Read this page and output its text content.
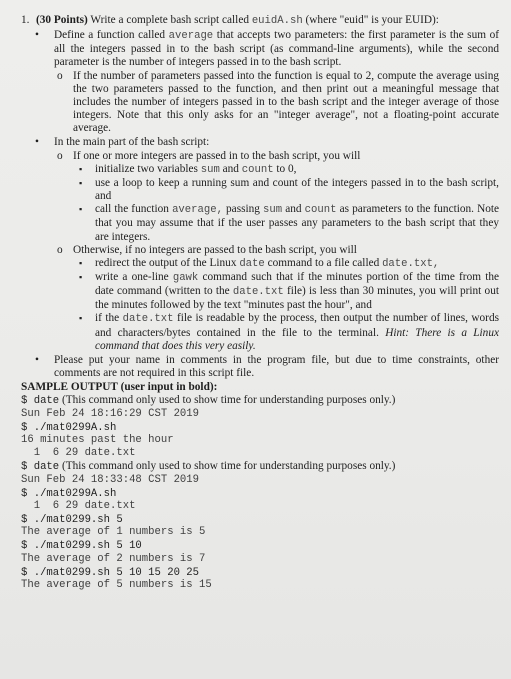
1. (30 Points) Write a complete bash script called euidA.sh (where "euid" is your EUID):
•	Define a function called average that accepts two parameters: the first parameter is the sum of all the integers passed in to the bash script (as command-line arguments), while the second parameter is the number of integers passed in to the bash script.
o If the number of parameters passed into the function is equal to 2, compute the average using the two parameters passed to the function, and then print out a meaningful message that includes the number of integers passed in to the bash script and the integer average of those integers. Note that this only asks for an "integer average", not a floating-point accurate average.
•	In the main part of the bash script:
o If one or more integers are passed in to the bash script, you will
▪	initialize two variables sum and count to 0,
▪	use a loop to keep a running sum and count of the integers passed in to the bash script, and
▪	call the function average, passing sum and count as parameters to the function. Note that you may assume that if the user passes any parameters to the bash script that they are integers.
o Otherwise, if no integers are passed to the bash script, you will
▪	redirect the output of the Linux date command to a file called date.txt,
▪	write a one-line gawk command such that if the minutes portion of the time from the date command (written to the date.txt file) is less than 30 minutes, you will print out the minutes followed by the text "minutes past the hour", and
▪	if the date.txt file is readable by the process, then output the number of lines, words and characters/bytes contained in the file to the terminal. Hint: There is a Linux command that does this very easily.
•	Please put your name in comments in the program file, but due to time constraints, other comments are not required in this script file.
SAMPLE OUTPUT (user input in bold):
$ date (This command only used to show time for understanding purposes only.)
Sun Feb 24 18:16:29 CST 2019
$ ./mat0299A.sh
16 minutes past the hour
1  6 29 date.txt
$ date (This command only used to show time for understanding purposes only.)
Sun Feb 24 18:33:48 CST 2019
$ ./mat0299A.sh
1  6 29 date.txt
$ ./mat0299.sh 5
The average of 1 numbers is 5
$ ./mat0299.sh 5 10
The average of 2 numbers is 7
$ ./mat0299.sh 5 10 15 20 25
The average of 5 numbers is 15
